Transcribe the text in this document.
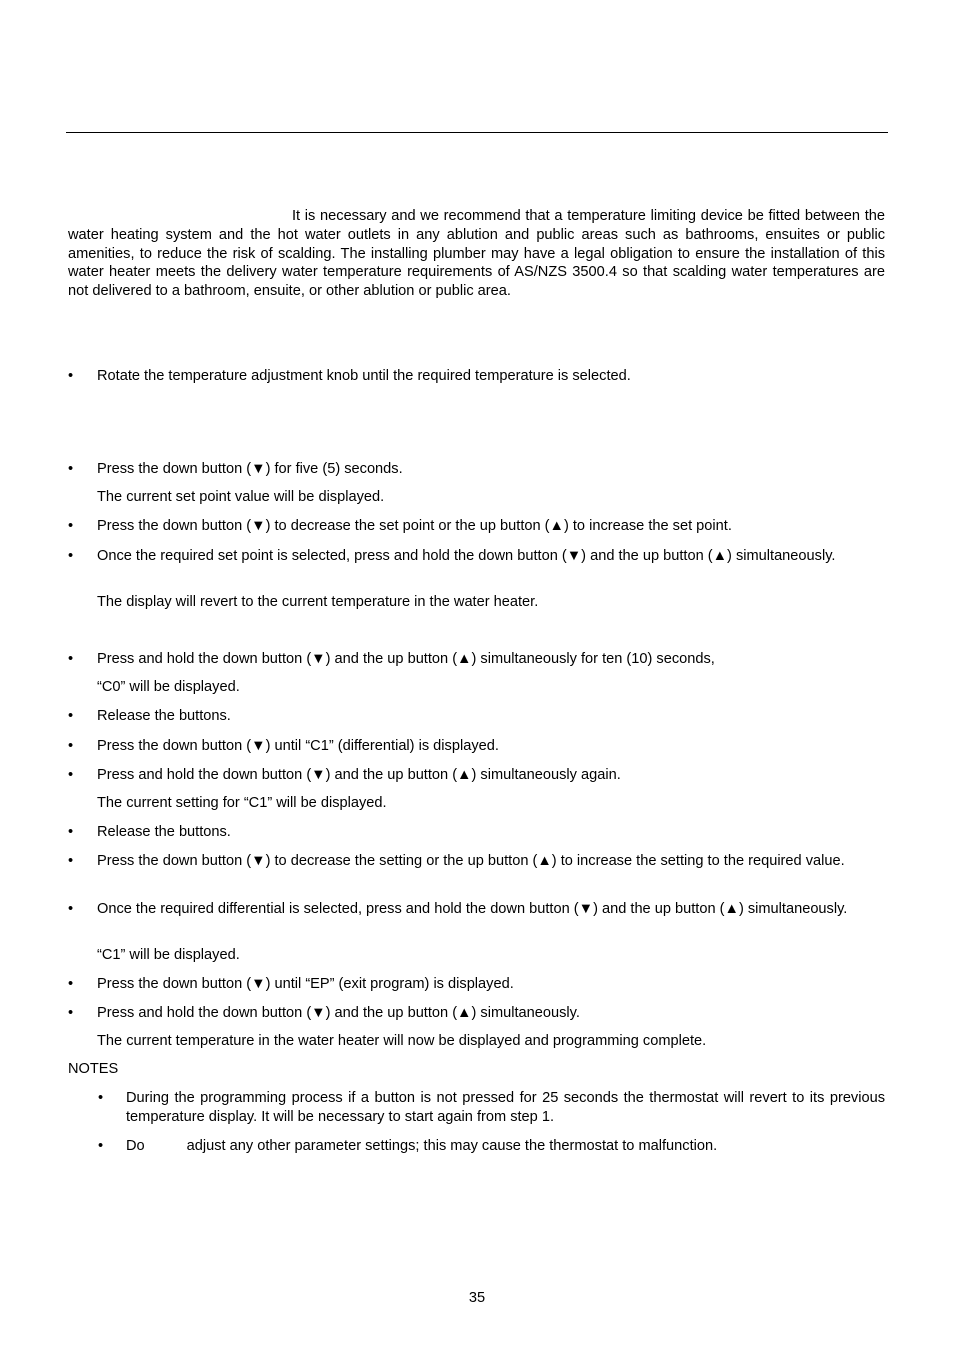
It is necessary and we recommend that a temperature limiting device be fitted between the water heating system and the hot water outlets in any ablution and public areas such as bathrooms, ensuites or public amenities, to reduce the risk of scalding. The installing plumber may have a legal obligation to ensure the installation of this water heater meets the delivery water temperature requirements of AS/NZS 3500.4 so that scalding water temperatures are not delivered to a bathroom, ensuite, or other ablution or public area.

• Rotate the temperature adjustment knob until the required temperature is selected.

• Press the down button (▼) for five (5) seconds.

The current set point value will be displayed.

• Press the down button (▼) to decrease the set point or the up button (▲) to increase the set point.

• Once the required set point is selected, press and hold the down button (▼) and the up button (▲) simultaneously.

The display will revert to the current temperature in the water heater.

• Press and hold the down button (▼) and the up button (▲) simultaneously for ten (10) seconds,

“C0” will be displayed.

• Release the buttons.

• Press the down button (▼) until “C1” (differential) is displayed.

• Press and hold the down button (▼) and the up button (▲) simultaneously again.

The current setting for “C1” will be displayed.

• Release the buttons.

• Press the down button (▼) to decrease the setting or the up button (▲) to increase the setting to the required value.

• Once the required differential is selected, press and hold the down button (▼) and the up button (▲) simultaneously.

“C1” will be displayed.

• Press the down button (▼) until “EP” (exit program) is displayed.

• Press and hold the down button (▼) and the up button (▲) simultaneously.

The current temperature in the water heater will now be displayed and programming complete.

NOTES

• During the programming process if a button is not pressed for 25 seconds the thermostat will revert to its previous temperature display. It will be necessary to start again from step 1.

• Do	adjust any other parameter settings; this may cause the thermostat to malfunction.

35
